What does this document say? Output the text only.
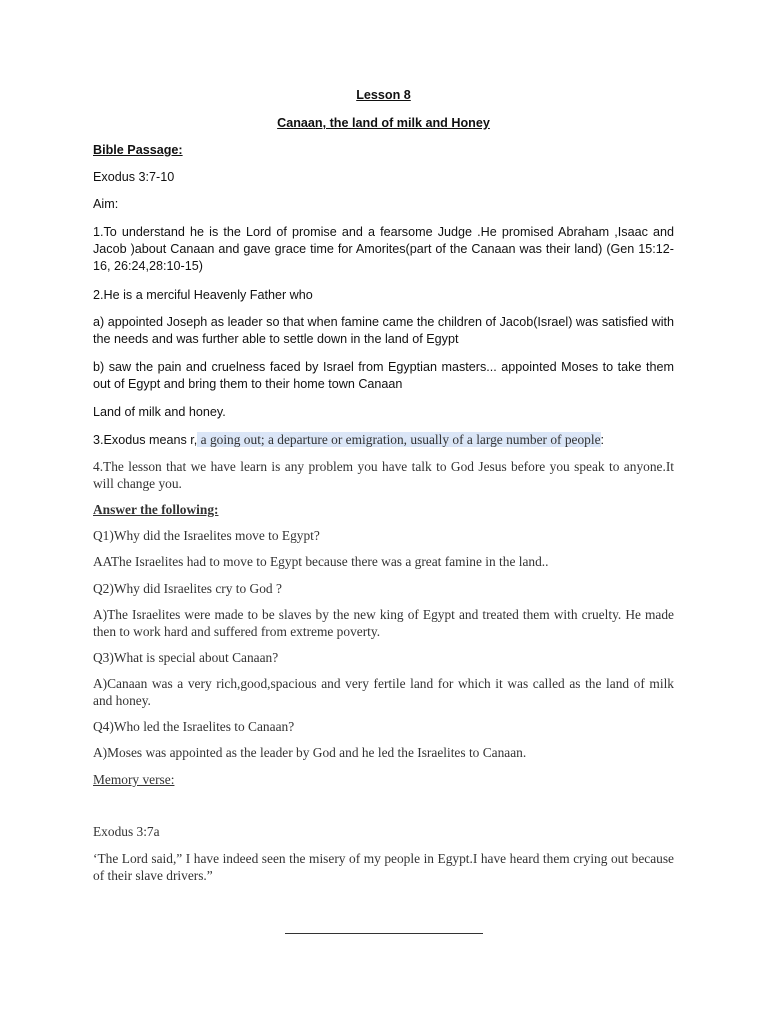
Lesson 8

Canaan, the land of milk and Honey

Bible Passage:

Exodus 3:7-10

Aim:

1.To understand he is the Lord of promise and a fearsome Judge .He promised Abraham ,Isaac and Jacob )about Canaan and gave grace time for Amorites(part of the Canaan was their land) (Gen 15:12-16, 26:24,28:10-15)

2.He is a merciful Heavenly Father who

a) appointed Joseph as leader so that when famine came the children of Jacob(Israel) was satisfied with the needs and was further able to settle down in the land of Egypt

b) saw the pain and cruelness faced by Israel from Egyptian masters... appointed Moses to take them out of Egypt and bring them to their home town Canaan

Land of milk and honey.

3.Exodus means r, a going out; a departure or emigration, usually of a large number of people:

4.The lesson that we have learn is any problem you have talk to God Jesus before you speak to anyone.It will change you.

Answer the following:

Q1)Why did the Israelites move to Egypt?

AAThe Israelites had to move to Egypt because there was a great famine in the land..

Q2)Why did Israelites cry to God ?

A)The Israelites were made to be slaves by the new king of Egypt and treated them with cruelty. He made then to work hard and suffered from extreme poverty.

Q3)What is special about Canaan?

A)Canaan was a very rich,good,spacious and very fertile land for which it was called as the land of milk and honey.

Q4)Who led the Israelites to Canaan?

A)Moses was appointed as the leader by God and he led the Israelites to Canaan.

Memory verse:

Exodus 3:7a

‘The Lord said,” I have indeed seen the misery of my people in Egypt.I have heard them crying out because of their slave drivers.”
